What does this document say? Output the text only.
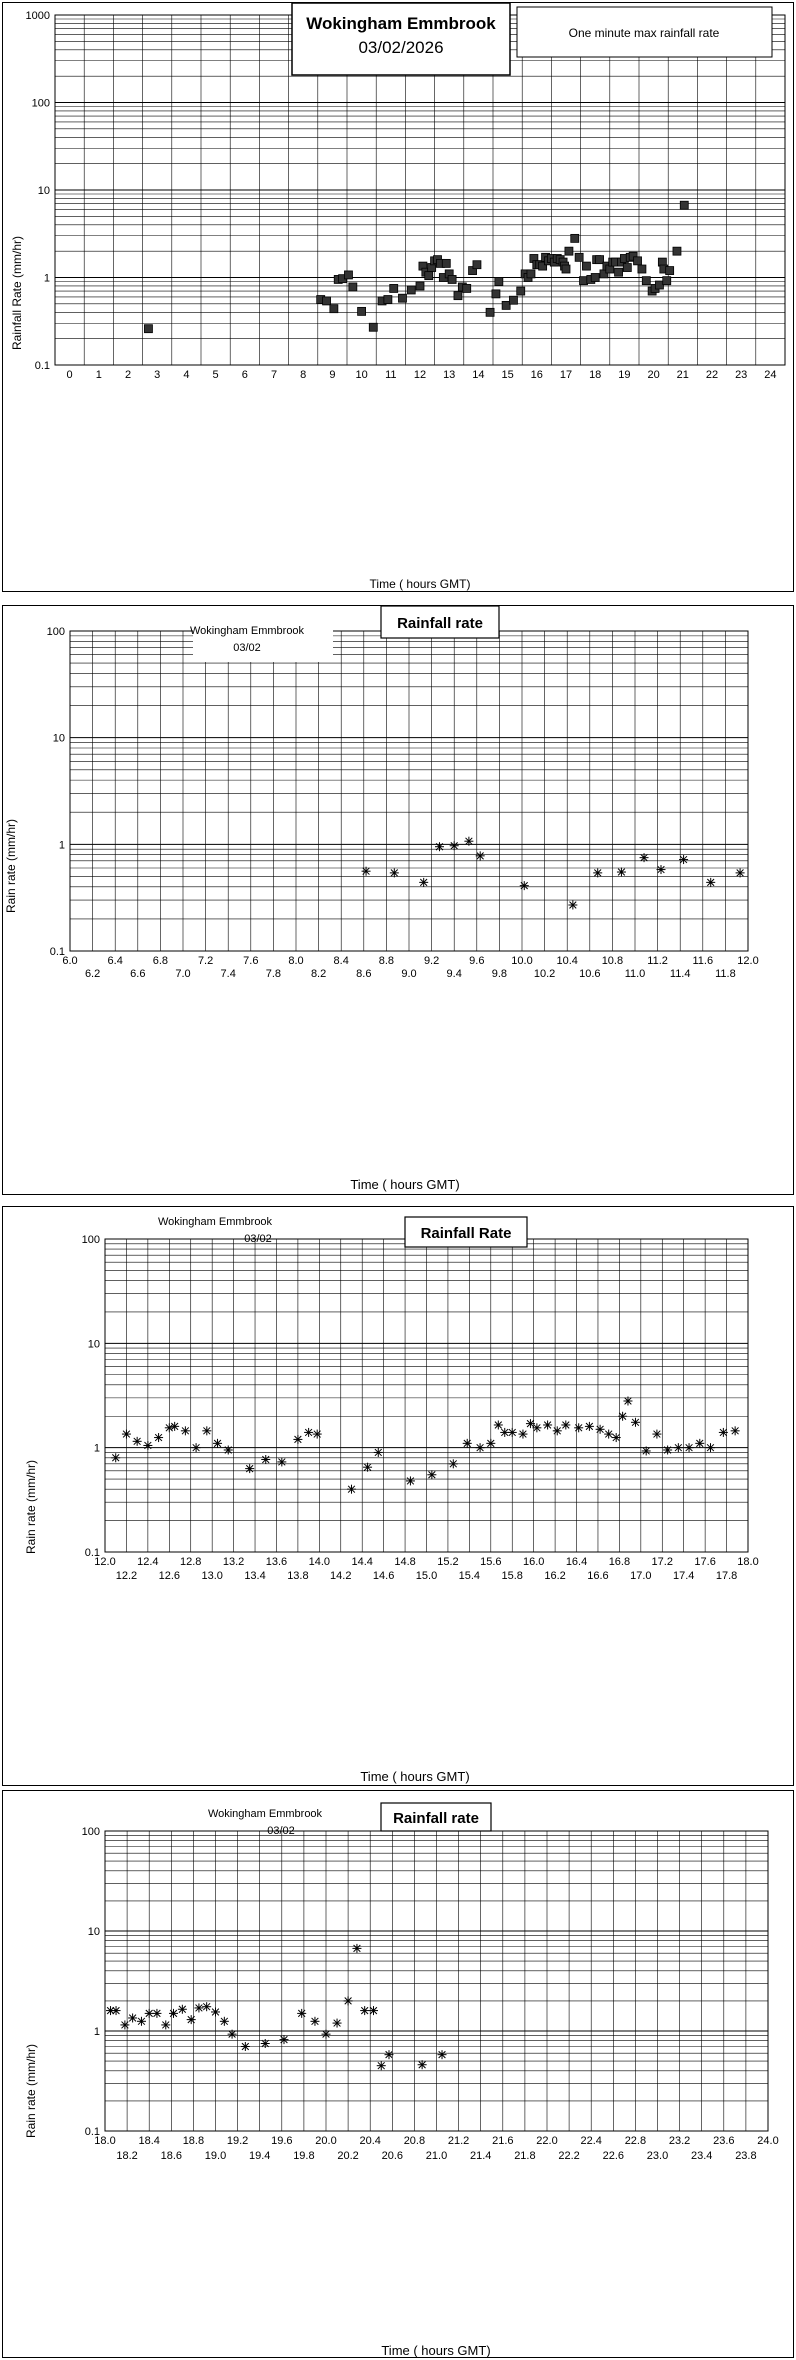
0.1
1
10
100
1000
0 1 2 3 4 5 6 7 8 9 10 11 12 13 14 15 16 17 18 19 20 21 22 23 24
Rainfall Rate (mm/hr)
Time ( hours GMT)
Wokingham Emmbrook
03/02/2026
One minute max rainfall rate
0.1
1
10
100
6.0	6.4	6.8	7.2	7.6	8.0	8.4	8.8	9.2	9.6 10.0 10.4 10.8 11.2 11.6 12.0
6.2	6.6	7.0	7.4	7.8	8.2	8.6	9.0	9.4	9.8 10.2 10.6 11.0 11.4 11.8
Rain rate (mm/hr)
Time ( hours GMT)
Wokingham Emmbrook
03/02
Rainfall rate
0.1
1
10
100
12.0 12.4 12.8 13.2 13.6 14.0 14.4 14.8 15.2 15.6 16.0 16.4 16.8 17.2 17.6 18.0
12.2 12.6 13.0 13.4 13.8 14.2 14.6 15.0 15.4 15.8 16.2 16.6 17.0 17.4 17.8
Rain rate (mm/hr)
Time ( hours GMT)
Wokingham Emmbrook
03/02	Rainfall Rate
0.1
1
10
100
18.0 18.4 18.8 19.2 19.6 20.0 20.4 20.8 21.2 21.6 22.0 22.4 22.8 23.2 23.6 24.0
18.2 18.6 19.0 19.4 19.8 20.2 20.6 21.0 21.4 21.8 22.2 22.6 23.0 23.4 23.8
Rain rate (mm/hr)
Time ( hours GMT)
Wokingham Emmbrook
03/02
Rainfall rate
